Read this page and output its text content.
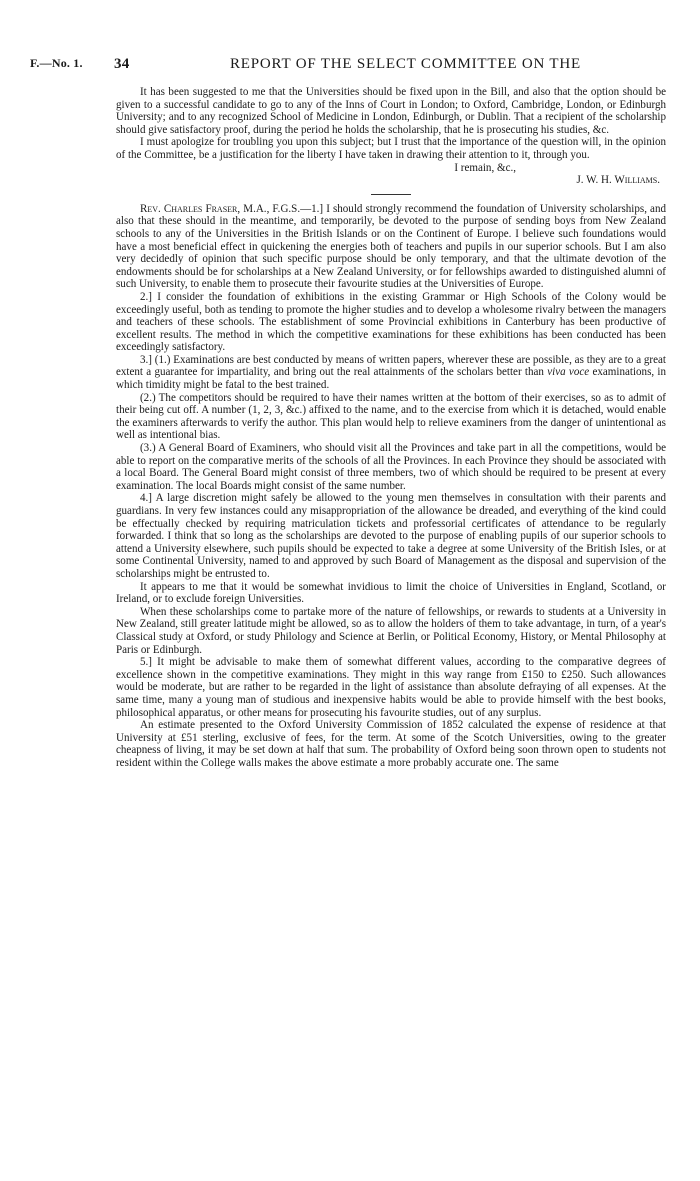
F.—No. 1. 34	REPORT OF THE SELECT COMMITTEE ON THE

It has been suggested to me that the Universities should be fixed upon in the Bill, and also that the option should be given to a successful candidate to go to any of the Inns of Court in London; to Oxford, Cambridge, London, or Edinburgh University; and to any recognized School of Medicine in London, Edinburgh, or Dublin. That a recipient of the scholarship should give satisfactory proof, during the period he holds the scholarship, that he is prosecuting his studies, &c.

I must apologize for troubling you upon this subject; but I trust that the importance of the question will, in the opinion of the Committee, be a justification for the liberty I have taken in drawing their attention to it, through you.

I remain, &c.,

J. W. H. Williams.

Rev. Charles Fraser, M.A., F.G.S.—1.] I should strongly recommend the foundation of University scholarships, and also that these should in the meantime, and temporarily, be devoted to the purpose of sending boys from New Zealand schools to any of the Universities in the British Islands or on the Continent of Europe. I believe such foundations would have a most beneficial effect in quickening the energies both of teachers and pupils in our superior schools. But I am also very decidedly of opinion that such specific purpose should be only temporary, and that the ultimate devotion of the endowments should be for scholarships at a New Zealand University, or for fellowships awarded to distinguished alumni of such University, to enable them to prosecute their favourite studies at the Universities of Europe.

2.] I consider the foundation of exhibitions in the existing Grammar or High Schools of the Colony would be exceedingly useful, both as tending to promote the higher studies and to develop a wholesome rivalry between the managers and teachers of these schools. The establishment of some Provincial exhibitions in Canterbury has been productive of excellent results. The method in which the competitive examinations for these exhibitions has been conducted has been exceedingly satisfactory.

3.] (1.) Examinations are best conducted by means of written papers, wherever these are possible, as they are to a great extent a guarantee for impartiality, and bring out the real attainments of the scholars better than viva voce examinations, in which timidity might be fatal to the best trained.

(2.) The competitors should be required to have their names written at the bottom of their exercises, so as to admit of their being cut off. A number (1, 2, 3, &c.) affixed to the name, and to the exercise from which it is detached, would enable the examiners afterwards to verify the author. This plan would help to relieve examiners from the danger of unintentional as well as intentional bias.

(3.) A General Board of Examiners, who should visit all the Provinces and take part in all the competitions, would be able to report on the comparative merits of the schools of all the Provinces. In each Province they should be associated with a local Board. The General Board might consist of three members, two of which should be required to be present at every examination. The local Boards might consist of the same number.

4.] A large discretion might safely be allowed to the young men themselves in consultation with their parents and guardians. In very few instances could any misappropriation of the allowance be dreaded, and everything of the kind could be effectually checked by requiring matriculation tickets and professorial certificates of attendance to be regularly forwarded. I think that so long as the scholarships are devoted to the purpose of enabling pupils of our superior schools to attend a University elsewhere, such pupils should be expected to take a degree at some University of the British Isles, or at some Continental University, named to and approved by such Board of Management as the disposal and supervision of the scholarships might be entrusted to.

It appears to me that it would be somewhat invidious to limit the choice of Universities in England, Scotland, or Ireland, or to exclude foreign Universities.

When these scholarships come to partake more of the nature of fellowships, or rewards to students at a University in New Zealand, still greater latitude might be allowed, so as to allow the holders of them to take advantage, in turn, of a year's Classical study at Oxford, or study Philology and Science at Berlin, or Political Economy, History, or Mental Philosophy at Paris or Edinburgh.

5.] It might be advisable to make them of somewhat different values, according to the comparative degrees of excellence shown in the competitive examinations. They might in this way range from £150 to £250. Such allowances would be moderate, but are rather to be regarded in the light of assistance than absolute defraying of all expenses. At the same time, many a young man of studious and inexpensive habits would be able to provide himself with the best books, philosophical apparatus, or other means for prosecuting his favourite studies, out of any surplus.

An estimate presented to the Oxford University Commission of 1852 calculated the expense of residence at that University at £51 sterling, exclusive of fees, for the term. At some of the Scotch Universities, owing to the greater cheapness of living, it may be set down at half that sum. The probability of Oxford being soon thrown open to students not resident within the College walls makes the above estimate a more probably accurate one. The same
